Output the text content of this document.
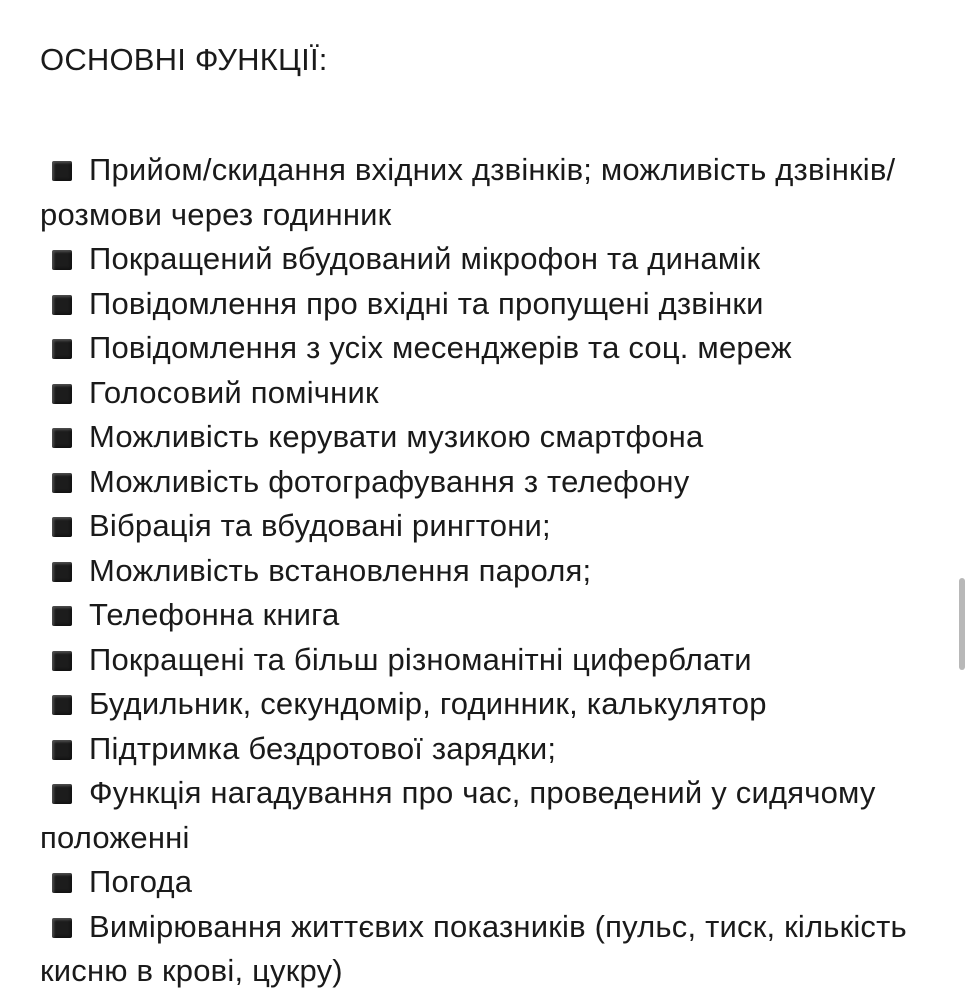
ОСНОВНІ ФУНКЦІЇ:

Прийом/скидання вхідних дзвінків; можливість дзвінків/розмови через годинник

Покращений вбудований мікрофон та динамік

Повідомлення про вхідні та пропущені дзвінки

Повідомлення з усіх месенджерів та соц. мереж

Голосовий помічник

Можливість керувати музикою смартфона

Можливість фотографування з телефону

Вібрація та вбудовані рингтони;

Можливість встановлення пароля;

Телефонна книга

Покращені та більш різноманітні циферблати

Будильник, секундомір, годинник, калькулятор

Підтримка бездротової зарядки;

Функція нагадування про час, проведений у сидячому положенні

Погода

Вимірювання життєвих показників (пульс, тиск, кількість кисню в крові, цукру)
